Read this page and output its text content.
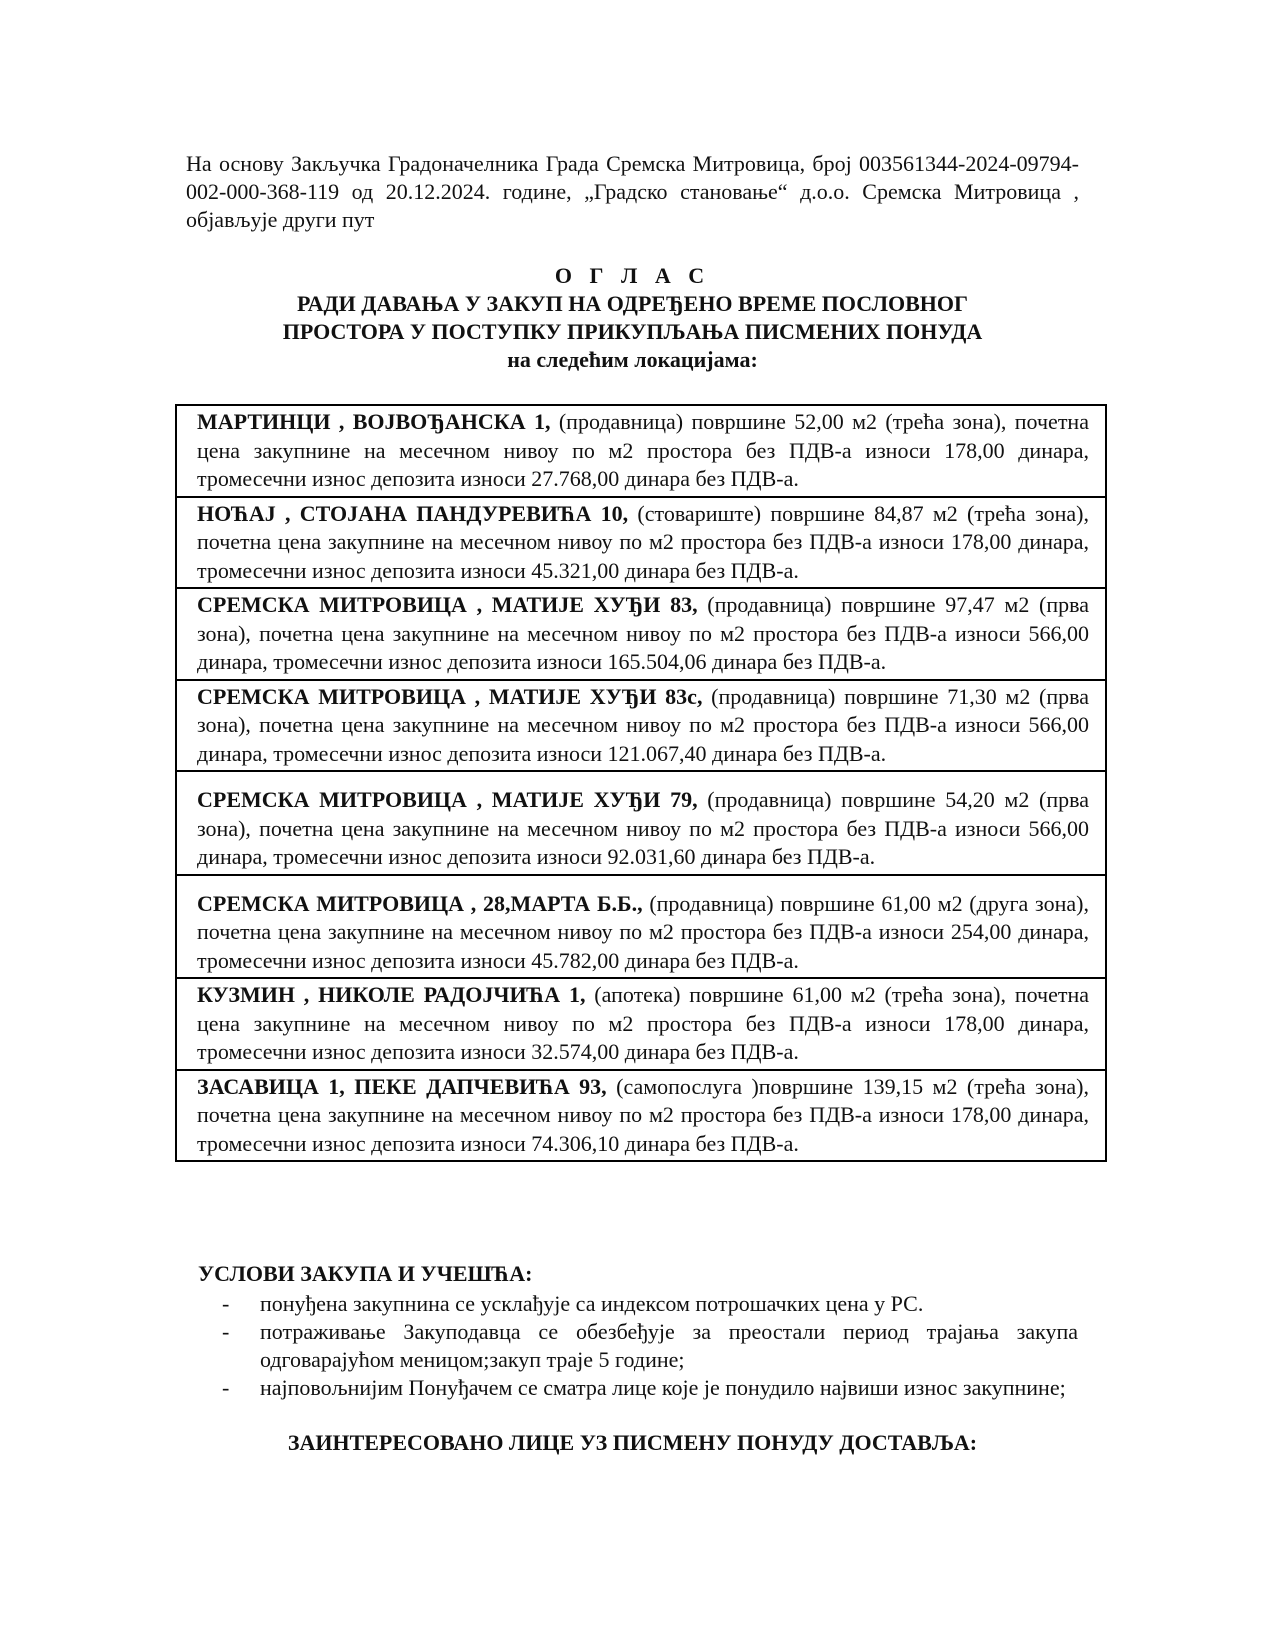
На основу Закључка Градоначелника Града Сремска Митровица, број 003561344-2024-09794-002-000-368-119 од 20.12.2024. године, „Градско становање“ д.о.о. Сремска Митровица , објављује други пут

О Г Л А С
РАДИ ДАВАЊА У ЗАКУП НА ОДРЕЂЕНО ВРЕМЕ ПОСЛОВНОГ
ПРОСТОРА У ПОСТУПКУ ПРИКУПЉАЊА ПИСМЕНИХ ПОНУДА
на следећим локацијама:
МАРТИНЦИ , ВОЈВОЂАНСКА 1, (продавница) површине 52,00 м2 (трећа зона), почетна цена закупнине на месечном нивоу по м2 простора без ПДВ-а износи 178,00 динара, тромесечни износ депозита износи 27.768,00 динара без ПДВ-а.
НОЋАЈ , СТОЈАНА ПАНДУРЕВИЋА 10, (стовариште) површине 84,87 м2 (трећа зона), почетна цена закупнине на месечном нивоу по м2 простора без ПДВ-а износи 178,00 динара, тромесечни износ депозита износи 45.321,00 динара без ПДВ-а.
СРЕМСКА МИТРОВИЦА , МАТИЈЕ ХУЂИ 83, (продавница) површине 97,47 м2 (прва зона), почетна цена закупнине на месечном нивоу по м2 простора без ПДВ-а износи 566,00 динара, тромесечни износ депозита износи 165.504,06 динара без ПДВ-а.
СРЕМСКА МИТРОВИЦА , МАТИЈЕ ХУЂИ 83с, (продавница) површине 71,30 м2 (прва зона), почетна цена закупнине на месечном нивоу по м2 простора без ПДВ-а износи 566,00 динара, тромесечни износ депозита износи 121.067,40 динара без ПДВ-а.
СРЕМСКА МИТРОВИЦА , МАТИЈЕ ХУЂИ 79, (продавница) површине 54,20 м2 (прва зона), почетна цена закупнине на месечном нивоу по м2 простора без ПДВ-а износи 566,00 динара, тромесечни износ депозита износи 92.031,60 динара без ПДВ-а.
СРЕМСКА МИТРОВИЦА , 28,МАРТА Б.Б., (продавница) површине 61,00 м2 (друга зона), почетна цена закупнине на месечном нивоу по м2 простора без ПДВ-а износи 254,00 динара, тромесечни износ депозита износи 45.782,00 динара без ПДВ-а.
КУЗМИН , НИКОЛЕ РАДОЈЧИЋА 1, (апотека) површине 61,00 м2 (трећа зона), почетна цена закупнине на месечном нивоу по м2 простора без ПДВ-а износи 178,00 динара, тромесечни износ депозита износи 32.574,00 динара без ПДВ-а.
ЗАСАВИЦА 1, ПЕКЕ ДАПЧЕВИЋА 93, (самопослуга )површине 139,15 м2 (трећа зона), почетна цена закупнине на месечном нивоу по м2 простора без ПДВ-а износи 178,00 динара, тромесечни износ депозита износи 74.306,10 динара без ПДВ-а.
УСЛОВИ ЗАКУПА И УЧЕШЋА:
- понуђена закупнина се усклађује са индексом потрошачких цена у РС.
- потраживање Закуподавца се обезбеђује за преостали период трајања закупа одговарајућом меницом;закуп траје 5 године;
- најповољнијим Понуђачем се сматра лице које је понудило највиши износ закупнине;
ЗАИНТЕРЕСОВАНО ЛИЦЕ УЗ ПИСМЕНУ ПОНУДУ ДОСТАВЉА:
